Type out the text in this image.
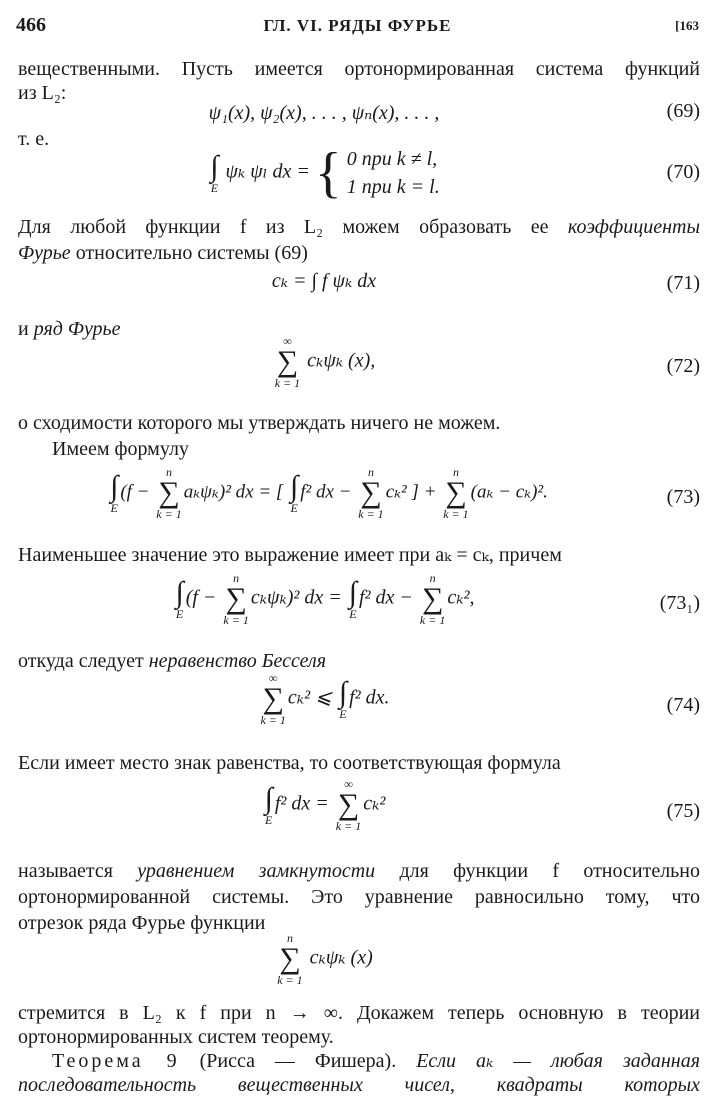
466	ГЛ. VI. РЯДЫ ФУРЬЕ	[163
вещественными. Пусть имеется ортонормированная система функций
из L₂:
ψ₁(x), ψ₂(x), . . . , ψₙ(x), . . . ,	(69)
т. е.
∫
E
ψₖ ψₗ dx = { 0 при k ≠ l,
1 при k = l.
(70)
Для любой функции f из L₂ можем образовать ее коэффициенты
Фурье относительно системы (69)
cₖ = ∫ f ψₖ dx	(71)
и ряд Фурье
∞
∑
k = 1
cₖψₖ (x),	(72)
о сходимости которого мы утверждать ничего не можем.
Имеем формулу
∫
E
(f −
n
∑
k = 1
aₖψₖ)² dx = [ ∫
E
f² dx −
n
∑
k = 1
cₖ² ] +
n
∑
k = 1
(aₖ − cₖ)².	(73)
Наименьшее значение это выражение имеет при aₖ = cₖ, причем
∫
E
(f −
n
∑
k = 1
cₖψₖ)² dx = ∫
E
f² dx −
n
∑
k = 1
cₖ²,	(73₁)
откуда следует неравенство Бесселя
∞
∑
k = 1
cₖ² ⩽ ∫
E
f² dx.	(74)
Если имеет место знак равенства, то соответствующая формула
∫
E
f² dx =
∞
∑
k = 1
cₖ²	(75)
называется уравнением замкнутости для функции f относительно
ортонормированной системы. Это уравнение равносильно тому, что
отрезок ряда Фурье функции
n
∑
k = 1
cₖψₖ (x)
стремится в L₂ к f при n → ∞. Докажем теперь основную в теории
ортонормированных систем теорему.
Теорема 9 (Рисса — Фишера). Если aₖ — любая заданная
последовательность вещественных чисел, квадраты которых
